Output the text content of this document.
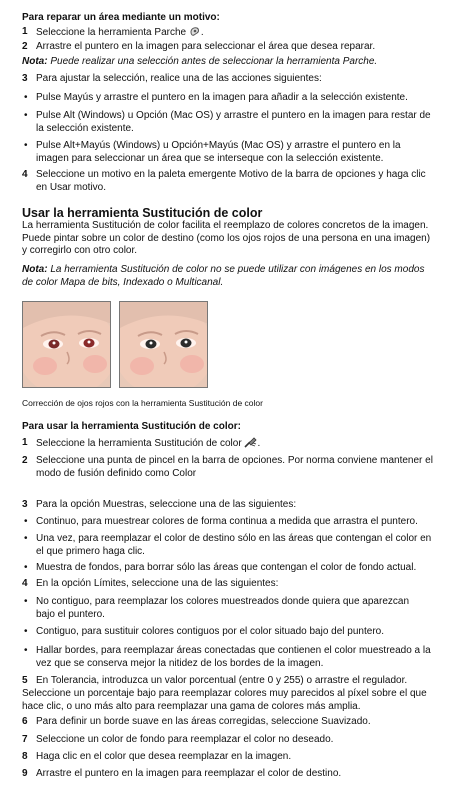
Para reparar un área mediante un motivo:
1 Seleccione la herramienta Parche .
2 Arrastre el puntero en la imagen para seleccionar el área que desea reparar.
Nota: Puede realizar una selección antes de seleccionar la herramienta Parche.
3 Para ajustar la selección, realice una de las acciones siguientes:
• Pulse Mayús y arrastre el puntero en la imagen para añadir a la selección existente.
• Pulse Alt (Windows) u Opción (Mac OS) y arrastre el puntero en la imagen para restar de la selección existente.
• Pulse Alt+Mayús (Windows) u Opción+Mayús (Mac OS) y arrastre el puntero en la imagen para seleccionar un área que se interseque con la selección existente.
4 Seleccione un motivo en la paleta emergente Motivo de la barra de opciones y haga clic en Usar motivo.
Usar la herramienta Sustitución de color
La herramienta Sustitución de color facilita el reemplazo de colores concretos de la imagen. Puede pintar sobre un color de destino (como los ojos rojos de una persona en una imagen) y corregirlo con otro color.
Nota: La herramienta Sustitución de color no se puede utilizar con imágenes en los modos de color Mapa de bits, Indexado o Multicanal.
Corrección de ojos rojos con la herramienta Sustitución de color
Para usar la herramienta Sustitución de color:
1 Seleccione la herramienta Sustitución de color .
2 Seleccione una punta de pincel en la barra de opciones. Por norma conviene mantener el modo de fusión definido como Color
3 Para la opción Muestras, seleccione una de las siguientes:
• Continuo, para muestrear colores de forma continua a medida que arrastra el puntero.
• Una vez, para reemplazar el color de destino sólo en las áreas que contengan el color en el que primero haga clic.
• Muestra de fondos, para borrar sólo las áreas que contengan el color de fondo actual.
4 En la opción Límites, seleccione una de las siguientes:
• No contiguo, para reemplazar los colores muestreados donde quiera que aparezcan bajo el puntero.
• Contiguo, para sustituir colores contiguos por el color situado bajo del puntero.
• Hallar bordes, para reemplazar áreas conectadas que contienen el color muestreado a la vez que se conserva mejor la nitidez de los bordes de la imagen.
5 En Tolerancia, introduzca un valor porcentual (entre 0 y 255) o arrastre el regulador.
Seleccione un porcentaje bajo para reemplazar colores muy parecidos al píxel sobre el que hace clic, o uno más alto para reemplazar una gama de colores más amplia.
6 Para definir un borde suave en las áreas corregidas, seleccione Suavizado.
7 Seleccione un color de fondo para reemplazar el color no deseado.
8 Haga clic en el color que desea reemplazar en la imagen.
9 Arrastre el puntero en la imagen para reemplazar el color de destino.
